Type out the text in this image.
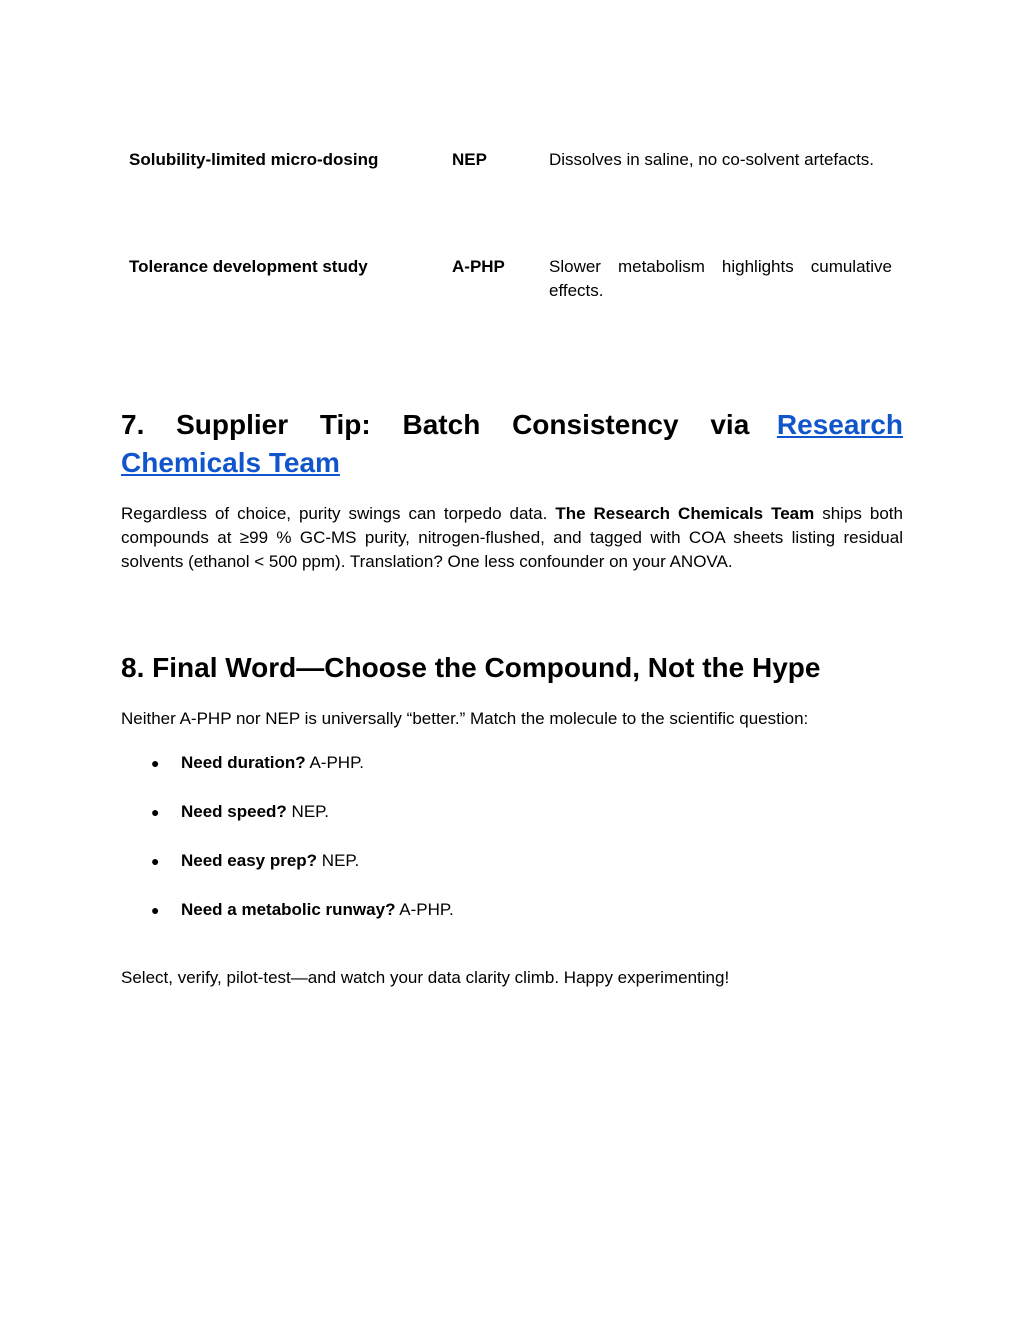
Solubility-limited micro-dosing	NEP	Dissolves in saline, no co-solvent artefacts.
Tolerance development study	A-PHP	Slower metabolism highlights cumulative effects.
7. Supplier Tip: Batch Consistency via Research
Chemicals Team

Regardless of choice, purity swings can torpedo data. The Research Chemicals Team ships both compounds at ≥99 % GC-MS purity, nitrogen-flushed, and tagged with COA sheets listing residual solvents (ethanol < 500 ppm). Translation? One less confounder on your ANOVA.

8. Final Word—Choose the Compound, Not the Hype

Neither A-PHP nor NEP is universally “better.” Match the molecule to the scientific question:

● Need duration? A-PHP.
● Need speed? NEP.
● Need easy prep? NEP.
● Need a metabolic runway? A-PHP.

Select, verify, pilot-test—and watch your data clarity climb. Happy experimenting!
